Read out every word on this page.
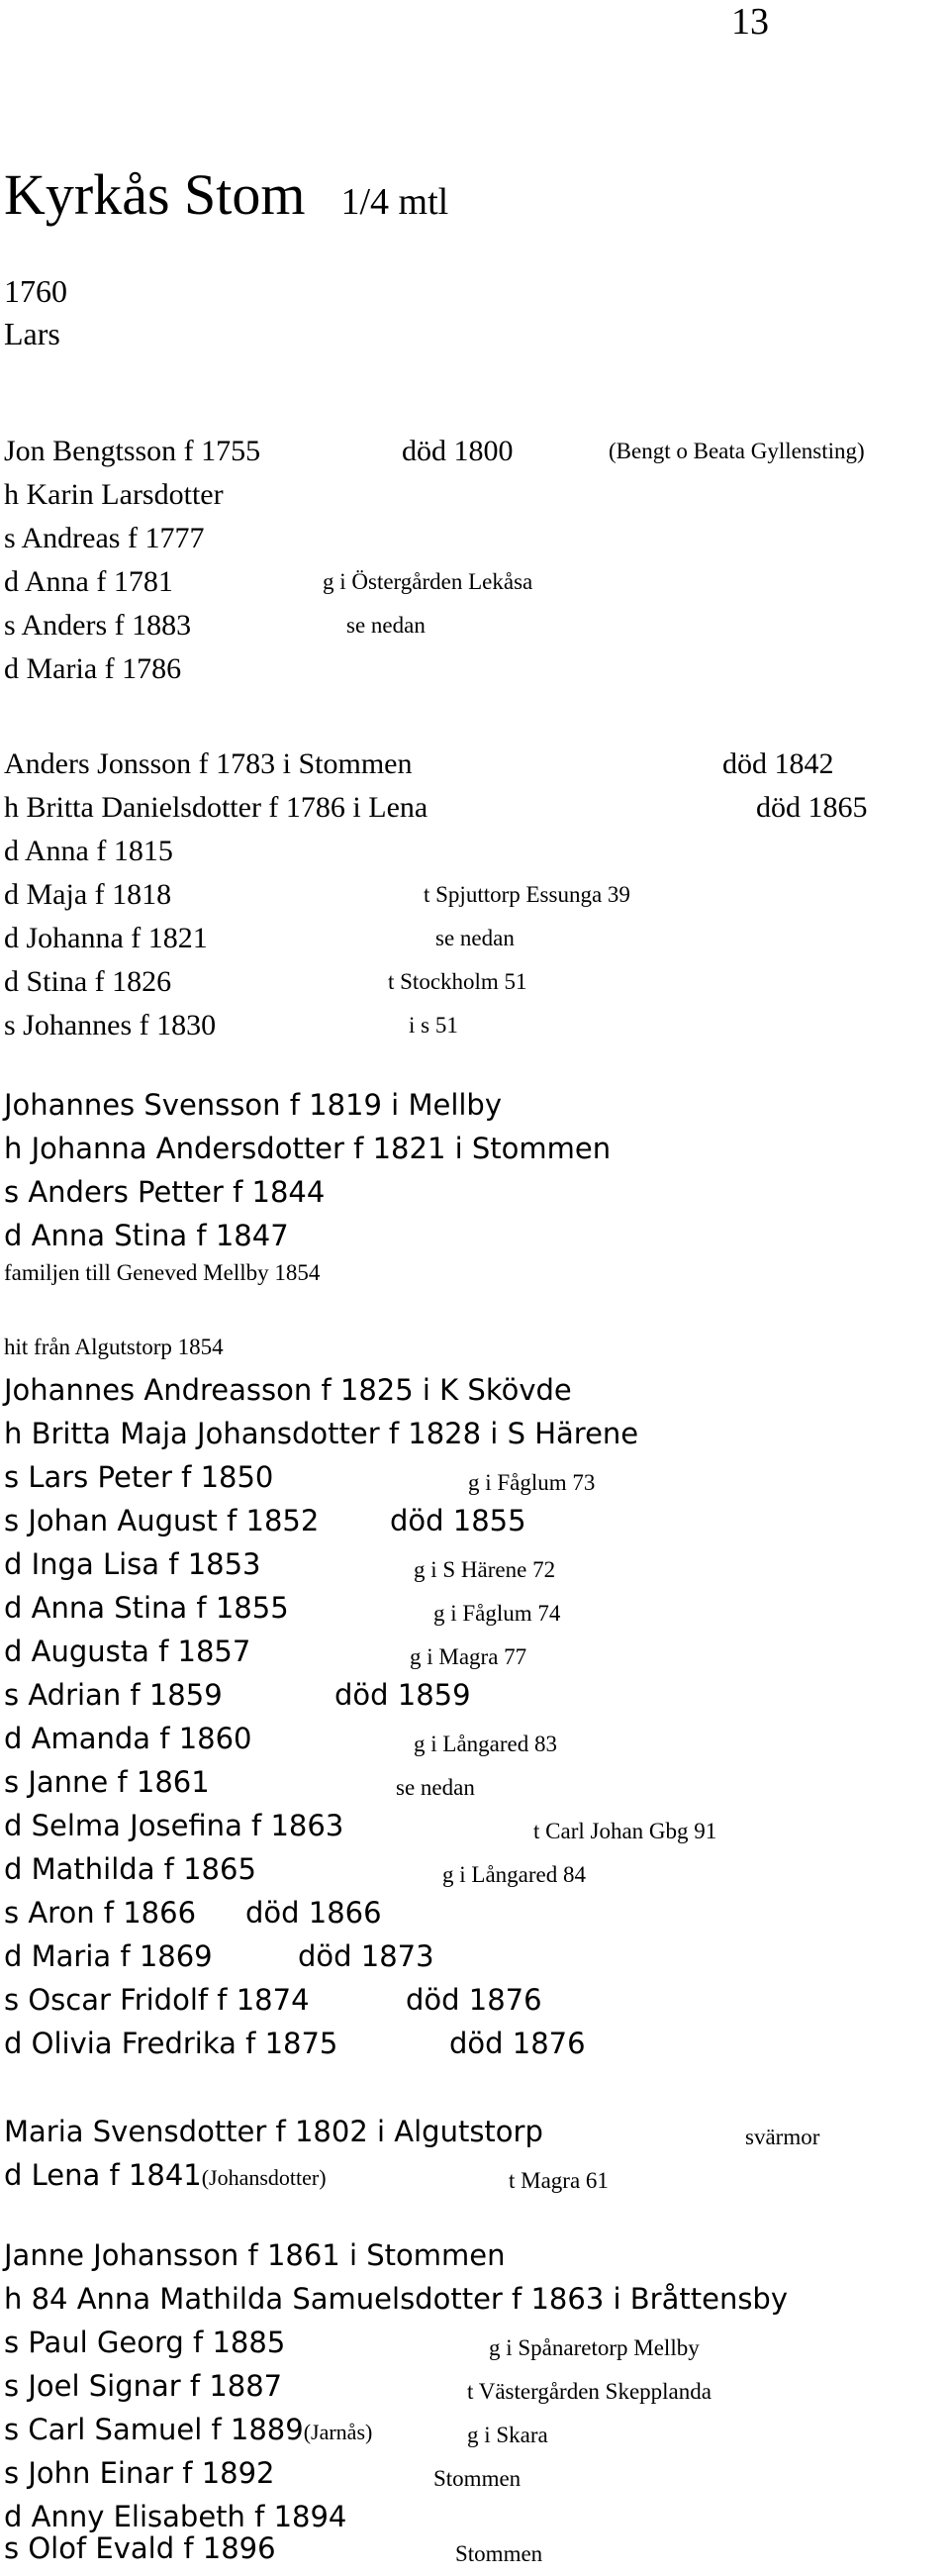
13
Kyrkås Stom 1/4 mtl
1760
Lars
Jon Bengtsson f 1755	död 1800	(Bengt o Beata Gyllensting)
h Karin Larsdotter
s Andreas f 1777
d Anna f 1781	g i Östergården Lekåsa
s Anders f 1883	se nedan
d Maria f 1786
Anders Jonsson f 1783 i Stommen	död 1842
h Britta Danielsdotter f 1786 i Lena	död 1865
d Anna f 1815
d Maja f 1818	t Spjuttorp Essunga 39
d Johanna f 1821	se nedan
d Stina f 1826	t Stockholm 51
s Johannes f 1830	i s 51
Johannes Svensson f 1819 i Mellby
h Johanna Andersdotter f 1821 i Stommen
s Anders Petter f 1844
d Anna Stina f 1847
familjen till Geneved Mellby 1854
hit från Algutstorp 1854
Johannes Andreasson f 1825 i K Skövde
h Britta Maja Johansdotter f 1828 i S Härene
s Lars Peter f 1850	g i Fåglum 73
s Johan August f 1852 död 1855
d Inga Lisa f 1853	g i S Härene 72
d Anna Stina f 1855	g i Fåglum 74
d Augusta f 1857	g i Magra 77
s Adrian f 1859	död 1859
d Amanda f 1860	g i Långared 83
s Janne f 1861	se nedan
d Selma Josefina f 1863	t Carl Johan Gbg 91
d Mathilda f 1865	g i Långared 84
s Aron f 1866 död 1866
d Maria f 1869	död 1873
s Oscar Fridolf f 1874	död 1876
d Olivia Fredrika f 1875	död 1876
Maria Svensdotter f 1802 i Algutstorp	svärmor
d Lena f 1841(Johansdotter)	t Magra 61
Janne Johansson f 1861 i Stommen
h 84 Anna Mathilda Samuelsdotter f 1863 i Bråttensby
s Paul Georg f 1885	g i Spånaretorp Mellby
s Joel Signar f 1887	t Västergården Skepplanda
s Carl Samuel f 1889(Jarnås)	g i Skara
s John Einar f 1892	Stommen
d Anny Elisabeth f 1894
s Olof Evald f 1896	Stommen
